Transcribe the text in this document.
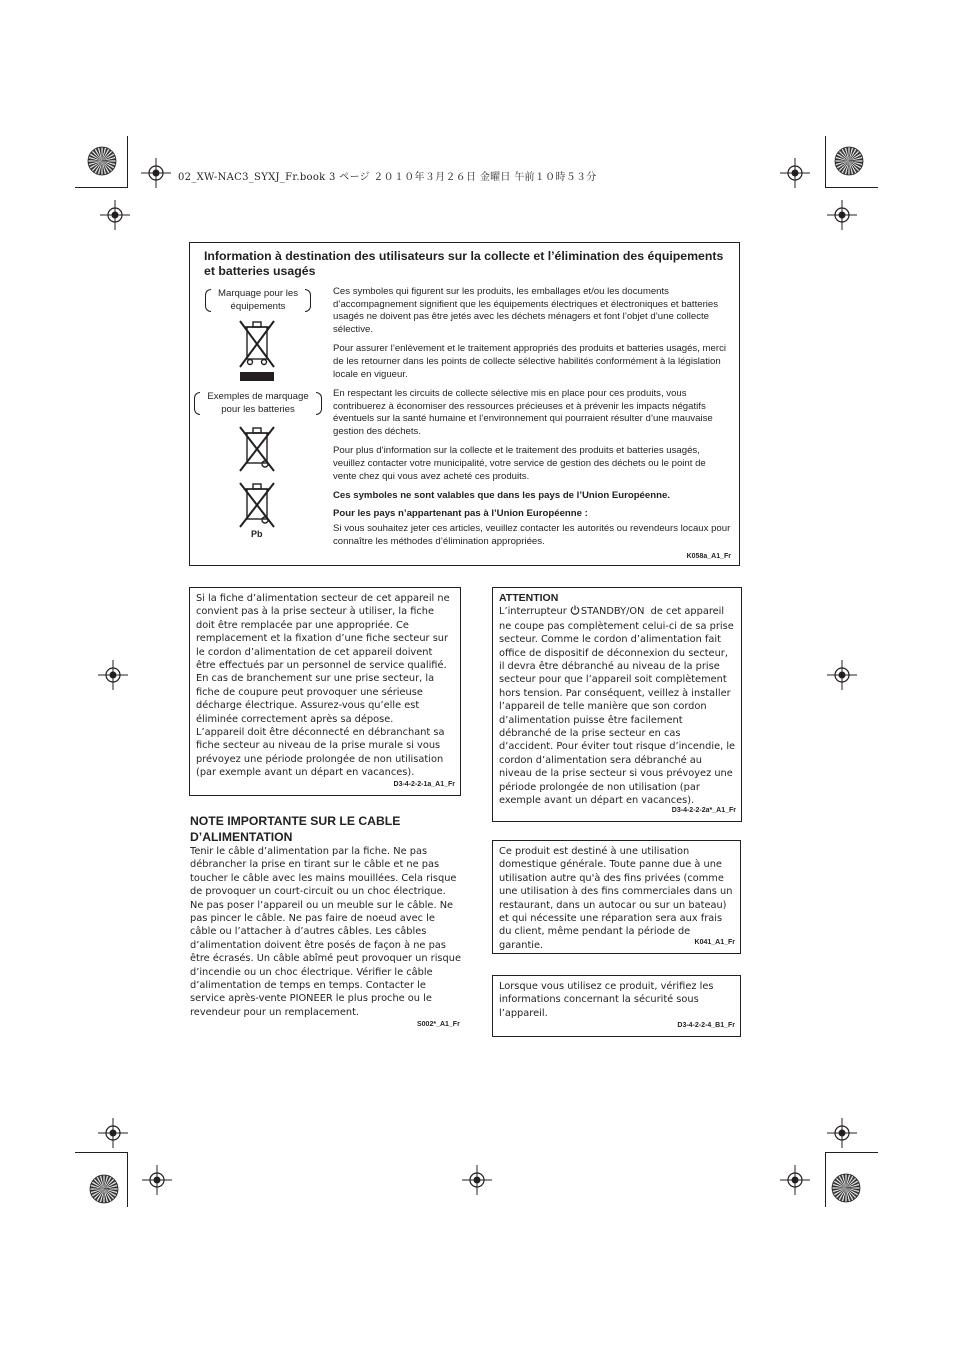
02_XW-NAC3_SYXJ_Fr.book 3 ページ ２０１０年３月２６日 金曜日 午前１０時５３分
Information à destination des utilisateurs sur la collecte et l’élimination des équipements et batteries usagés
Marquage pour les équipements
Exemples de marquage pour les batteries
Pb

Ces symboles qui figurent sur les produits, les emballages et/ou les documents d’accompagnement signifient que les équipements électriques et électroniques et batteries usagés ne doivent pas être jetés avec les déchets ménagers et font l’objet d’une collecte sélective.

Pour assurer l’enlèvement et le traitement appropriés des produits et batteries usagés, merci de les retourner dans les points de collecte sélective habilités conformément à la législation locale en vigueur.

En respectant les circuits de collecte sélective mis en place pour ces produits, vous contribuerez à économiser des ressources précieuses et à prévenir les impacts négatifs éventuels sur la santé humaine et l’environnement qui pourraient résulter d’une mauvaise gestion des déchets.

Pour plus d’information sur la collecte et le traitement des produits et batteries usagés, veuillez contacter votre municipalité, votre service de gestion des déchets ou le point de vente chez qui vous avez acheté ces produits.

Ces symboles ne sont valables que dans les pays de l’Union Européenne.

Pour les pays n’appartenant pas à l’Union Européenne :

Si vous souhaitez jeter ces articles, veuillez contacter les autorités ou revendeurs locaux pour connaître les méthodes d’élimination appropriées.

K058a_A1_Fr
Si la fiche d’alimentation secteur de cet appareil ne convient pas à la prise secteur à utiliser, la fiche doit être remplacée par une appropriée. Ce remplacement et la fixation d’une fiche secteur sur le cordon d’alimentation de cet appareil doivent être effectués par un personnel de service qualifié. En cas de branchement sur une prise secteur, la fiche de coupure peut provoquer une sérieuse décharge électrique. Assurez-vous qu’elle est éliminée correctement après sa dépose.
L’appareil doit être déconnecté en débranchant sa fiche secteur au niveau de la prise murale si vous prévoyez une période prolongée de non utilisation (par exemple avant un départ en vacances).
D3-4-2-2-1a_A1_Fr
NOTE IMPORTANTE SUR LE CABLE D’ALIMENTATION
Tenir le câble d’alimentation par la fiche. Ne pas débrancher la prise en tirant sur le câble et ne pas toucher le câble avec les mains mouillées. Cela risque de provoquer un court-circuit ou un choc électrique. Ne pas poser l’appareil ou un meuble sur le câble. Ne pas pincer le câble. Ne pas faire de noeud avec le câble ou l’attacher à d’autres câbles. Les câbles d’alimentation doivent être posés de façon à ne pas être écrasés. Un câble abîmé peut provoquer un risque d’incendie ou un choc électrique. Vérifier le câble d’alimentation de temps en temps. Contacter le service après-vente PIONEER le plus proche ou le revendeur pour un remplacement.
S002*_A1_Fr
ATTENTION
L’interrupteur STANDBY/ON  de cet appareil ne coupe pas complètement celui-ci de sa prise secteur. Comme le cordon d’alimentation fait office de dispositif de déconnexion du secteur, il devra être débranché au niveau de la prise secteur pour que l’appareil soit complètement hors tension. Par conséquent, veillez à installer l’appareil de telle manière que son cordon d’alimentation puisse être facilement débranché de la prise secteur en cas d’accident. Pour éviter tout risque d’incendie, le cordon d’alimentation sera débranché au niveau de la prise secteur si vous prévoyez une période prolongée de non utilisation (par exemple avant un départ en vacances).
D3-4-2-2-2a*_A1_Fr
Ce produit est destiné à une utilisation domestique générale. Toute panne due à une utilisation autre qu'à des fins privées (comme une utilisation à des fins commerciales dans un restaurant, dans un autocar ou sur un bateau) et qui nécessite une réparation sera aux frais du client, même pendant la période de garantie.	K041_A1_Fr
Lorsque vous utilisez ce produit, vérifiez les informations concernant la sécurité sous l’appareil.
D3-4-2-2-4_B1_Fr
